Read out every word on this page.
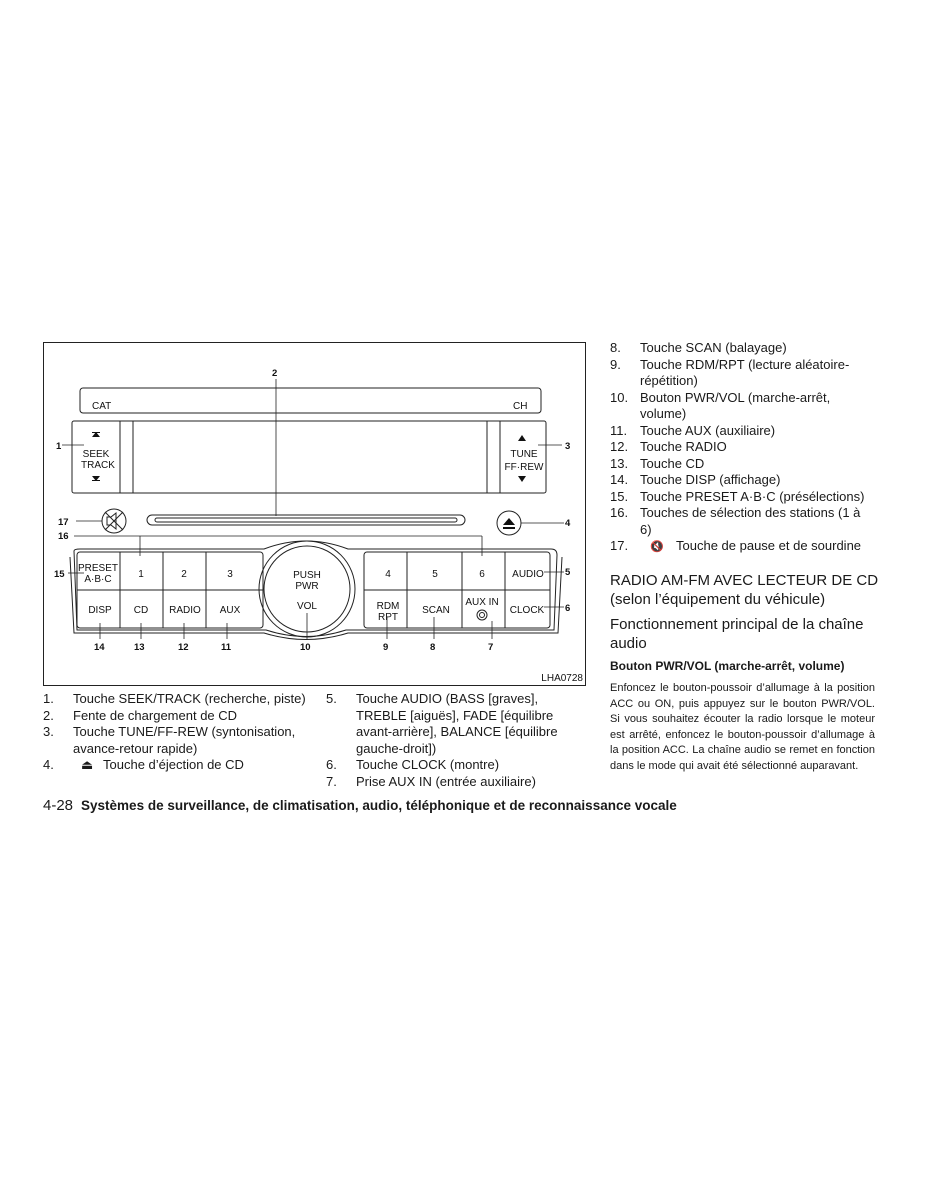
CAT	CH
SEEK
TRACK
TUNE
FF·REW
PRESET
A·B·C	1	2	3
DISP CD RADIO AUX
PUSH
PWR
VOL
4	5	6	AUDIO
RDM
RPT
SCAN
AUX IN
CLOCK
1
2
3
4
5
6
7
8
9
10
11
12
13
14
15
16
17
LHA0728
1.	Touche SEEK/TRACK (recherche, piste)
2.	Fente de chargement de CD
3.	Touche TUNE/FF-REW (syntonisation, avance-retour rapide)
4.	⏏ Touche d’éjection de CD
5.	Touche AUDIO (BASS [graves], TREBLE [aiguës], FADE [équilibre avant-arrière], BALANCE [équilibre gauche-droit])
6.	Touche CLOCK (montre)
7.	Prise AUX IN (entrée auxiliaire)
8.	Touche SCAN (balayage)
9.	Touche RDM/RPT (lecture aléatoire-répétition)
10. Bouton PWR/VOL (marche-arrêt, volume)
11. Touche AUX (auxiliaire)
12. Touche RADIO
13. Touche CD
14. Touche DISP (affichage)
15. Touche PRESET A·B·C (présélections)
16. Touches de sélection des stations (1 à 6)
17.	🔇 Touche de pause et de sourdine
RADIO AM-FM AVEC LECTEUR DE CD (selon l’équipement du véhicule)
Fonctionnement principal de la chaîne audio
Bouton PWR/VOL (marche-arrêt, volume)

Enfoncez le bouton-poussoir d’allumage à la position ACC ou ON, puis appuyez sur le bouton PWR/VOL. Si vous souhaitez écouter la radio lorsque le moteur est arrêté, enfoncez le bouton-poussoir d’allumage à la position ACC. La chaîne audio se remet en fonction dans le mode qui avait été sélectionné auparavant.

4-28 Systèmes de surveillance, de climatisation, audio, téléphonique et de reconnaissance vocale
